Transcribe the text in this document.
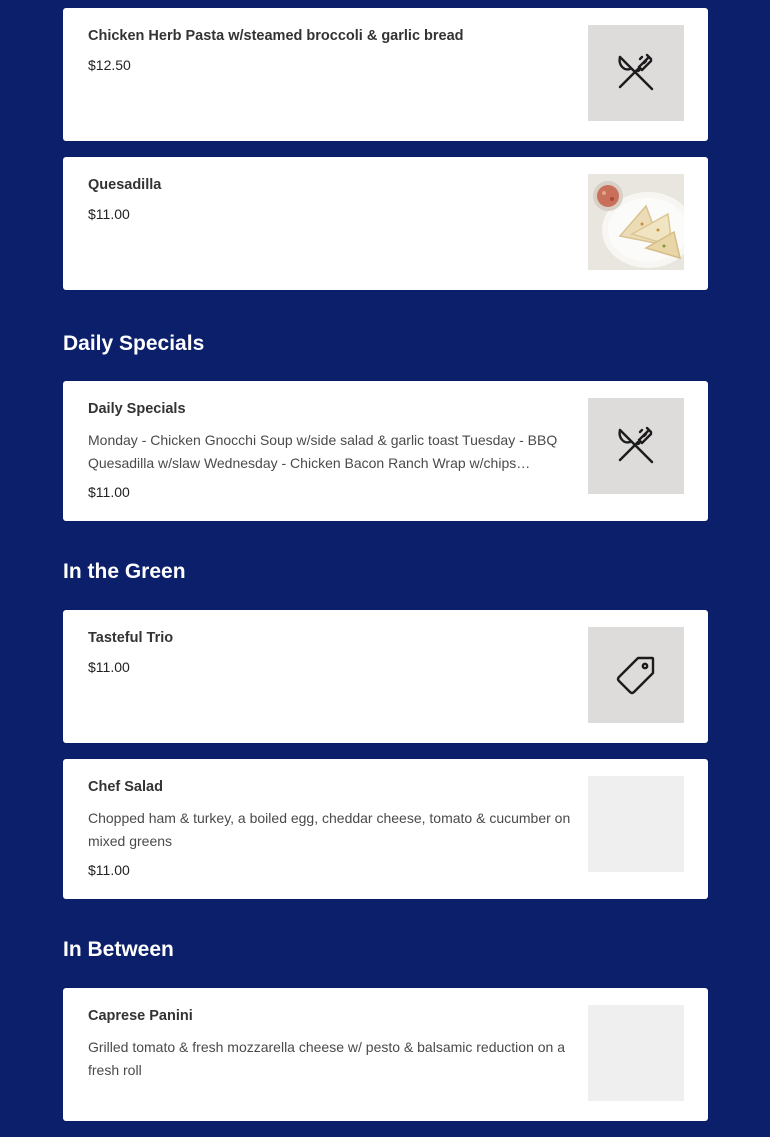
Chicken Herb Pasta w/steamed broccoli & garlic bread
$12.50
Quesadilla
$11.00
Daily Specials
Daily Specials
Monday - Chicken Gnocchi Soup w/side salad & garlic toast Tuesday - BBQ Quesadilla w/slaw Wednesday - Chicken Bacon Ranch Wrap w/chips…
$11.00
In the Green
Tasteful Trio
$11.00
Chef Salad
Chopped ham & turkey, a boiled egg, cheddar cheese, tomato & cucumber on mixed greens
$11.00
In Between
Caprese Panini
Grilled tomato & fresh mozzarella cheese w/ pesto & balsamic reduction on a fresh roll
